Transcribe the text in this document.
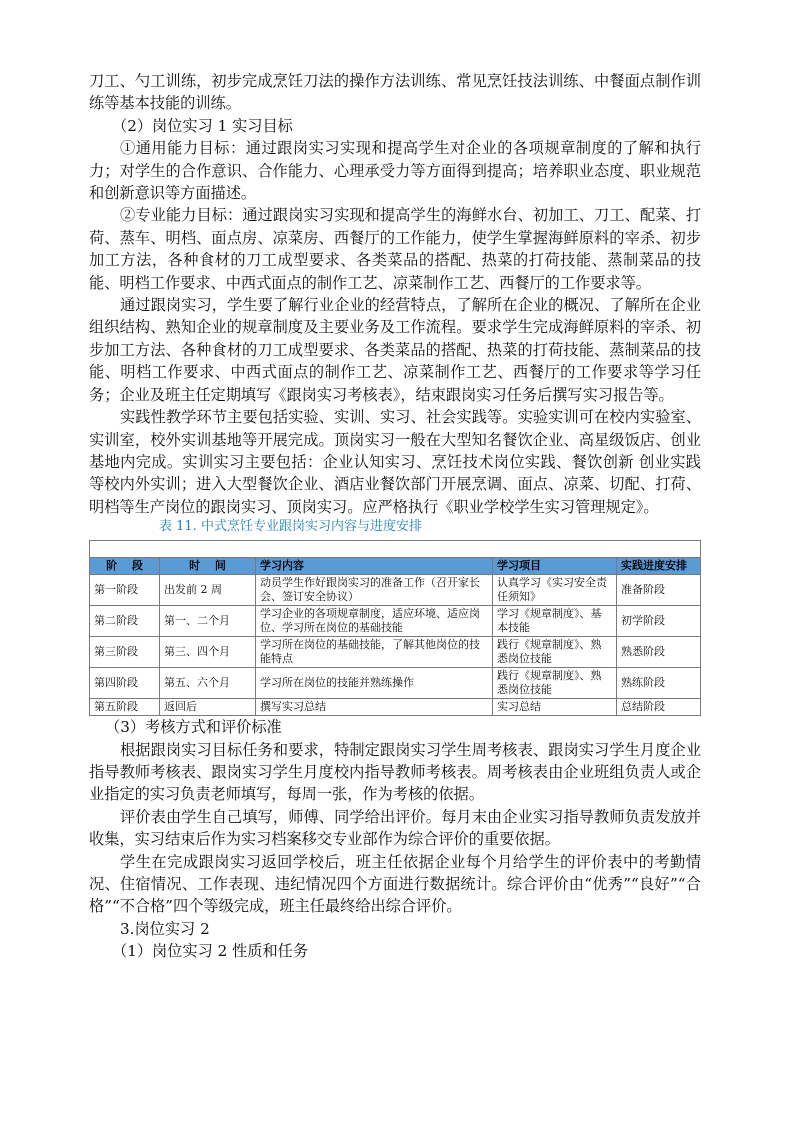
刀工、勺工训练，初步完成烹饪刀法的操作方法训练、常见烹饪技法训练、中餐面点制作训练等基本技能的训练。

（2）岗位实习 1 实习目标

①通用能力目标：通过跟岗实习实现和提高学生对企业的各项规章制度的了解和执行力；对学生的合作意识、合作能力、心理承受力等方面得到提高；培养职业态度、职业规范和创新意识等方面描述。

②专业能力目标：通过跟岗实习实现和提高学生的海鲜水台、初加工、刀工、配菜、打荷、蒸车、明档、面点房、凉菜房、西餐厅的工作能力，使学生掌握海鲜原料的宰杀、初步加工方法，各种食材的刀工成型要求、各类菜品的搭配、热菜的打荷技能、蒸制菜品的技能、明档工作要求、中西式面点的制作工艺、凉菜制作工艺、西餐厅的工作要求等。

通过跟岗实习，学生要了解行业企业的经营特点，了解所在企业的概况、了解所在企业组织结构、熟知企业的规章制度及主要业务及工作流程。要求学生完成海鲜原料的宰杀、初步加工方法、各种食材的刀工成型要求、各类菜品的搭配、热菜的打荷技能、蒸制菜品的技能、明档工作要求、中西式面点的制作工艺、凉菜制作工艺、西餐厅的工作要求等学习任务；企业及班主任定期填写《跟岗实习考核表》，结束跟岗实习任务后撰写实习报告等。

实践性教学环节主要包括实验、实训、实习、社会实践等。实验实训可在校内实验室、实训室，校外实训基地等开展完成。顶岗实习一般在大型知名餐饮企业、高星级饭店、创业基地内完成。实训实习主要包括：企业认知实习、烹饪技术岗位实践、餐饮创新 创业实践等校内外实训；进入大型餐饮企业、酒店业餐饮部门开展烹调、面点、凉菜、切配、打荷、明档等生产岗位的跟岗实习、顶岗实习。应严格执行《职业学校学生实习管理规定》。

表 11. 中式烹饪专业跟岗实习内容与进度安排

阶　 段	时　 间	学习内容	学习项目	实践进度安排
第一阶段	出发前 2 周	动员学生作好跟岗实习的准备工作（召开家长会、签订安全协议）	认真学习《实习安全责任须知》	准备阶段
第二阶段	第一、二个月	学习企业的各项规章制度，适应环境、适应岗位、学习所在岗位的基础技能	学习《规章制度》、基本技能	初学阶段
第三阶段	第三、四个月	学习所在岗位的基础技能，了解其他岗位的技能特点	践行《规章制度》、熟悉岗位技能	熟悉阶段
第四阶段	第五、六个月	学习所在岗位的技能并熟练操作	践行《规章制度》、熟悉岗位技能	熟练阶段
第五阶段	返回后	撰写实习总结	实习总结	总结阶段

（3）考核方式和评价标准

根据跟岗实习目标任务和要求，特制定跟岗实习学生周考核表、跟岗实习学生月度企业指导教师考核表、跟岗实习学生月度校内指导教师考核表。周考核表由企业班组负责人或企业指定的实习负责老师填写，每周一张，作为考核的依据。

评价表由学生自己填写，师傅、同学给出评价。每月末由企业实习指导教师负责发放并收集，实习结束后作为实习档案移交专业部作为综合评价的重要依据。

学生在完成跟岗实习返回学校后，班主任依据企业每个月给学生的评价表中的考勤情况、住宿情况、工作表现、违纪情况四个方面进行数据统计。综合评价由“优秀”“良好”“合格”“不合格”四个等级完成，班主任最终给出综合评价。

3.岗位实习 2

（1）岗位实习 2 性质和任务
